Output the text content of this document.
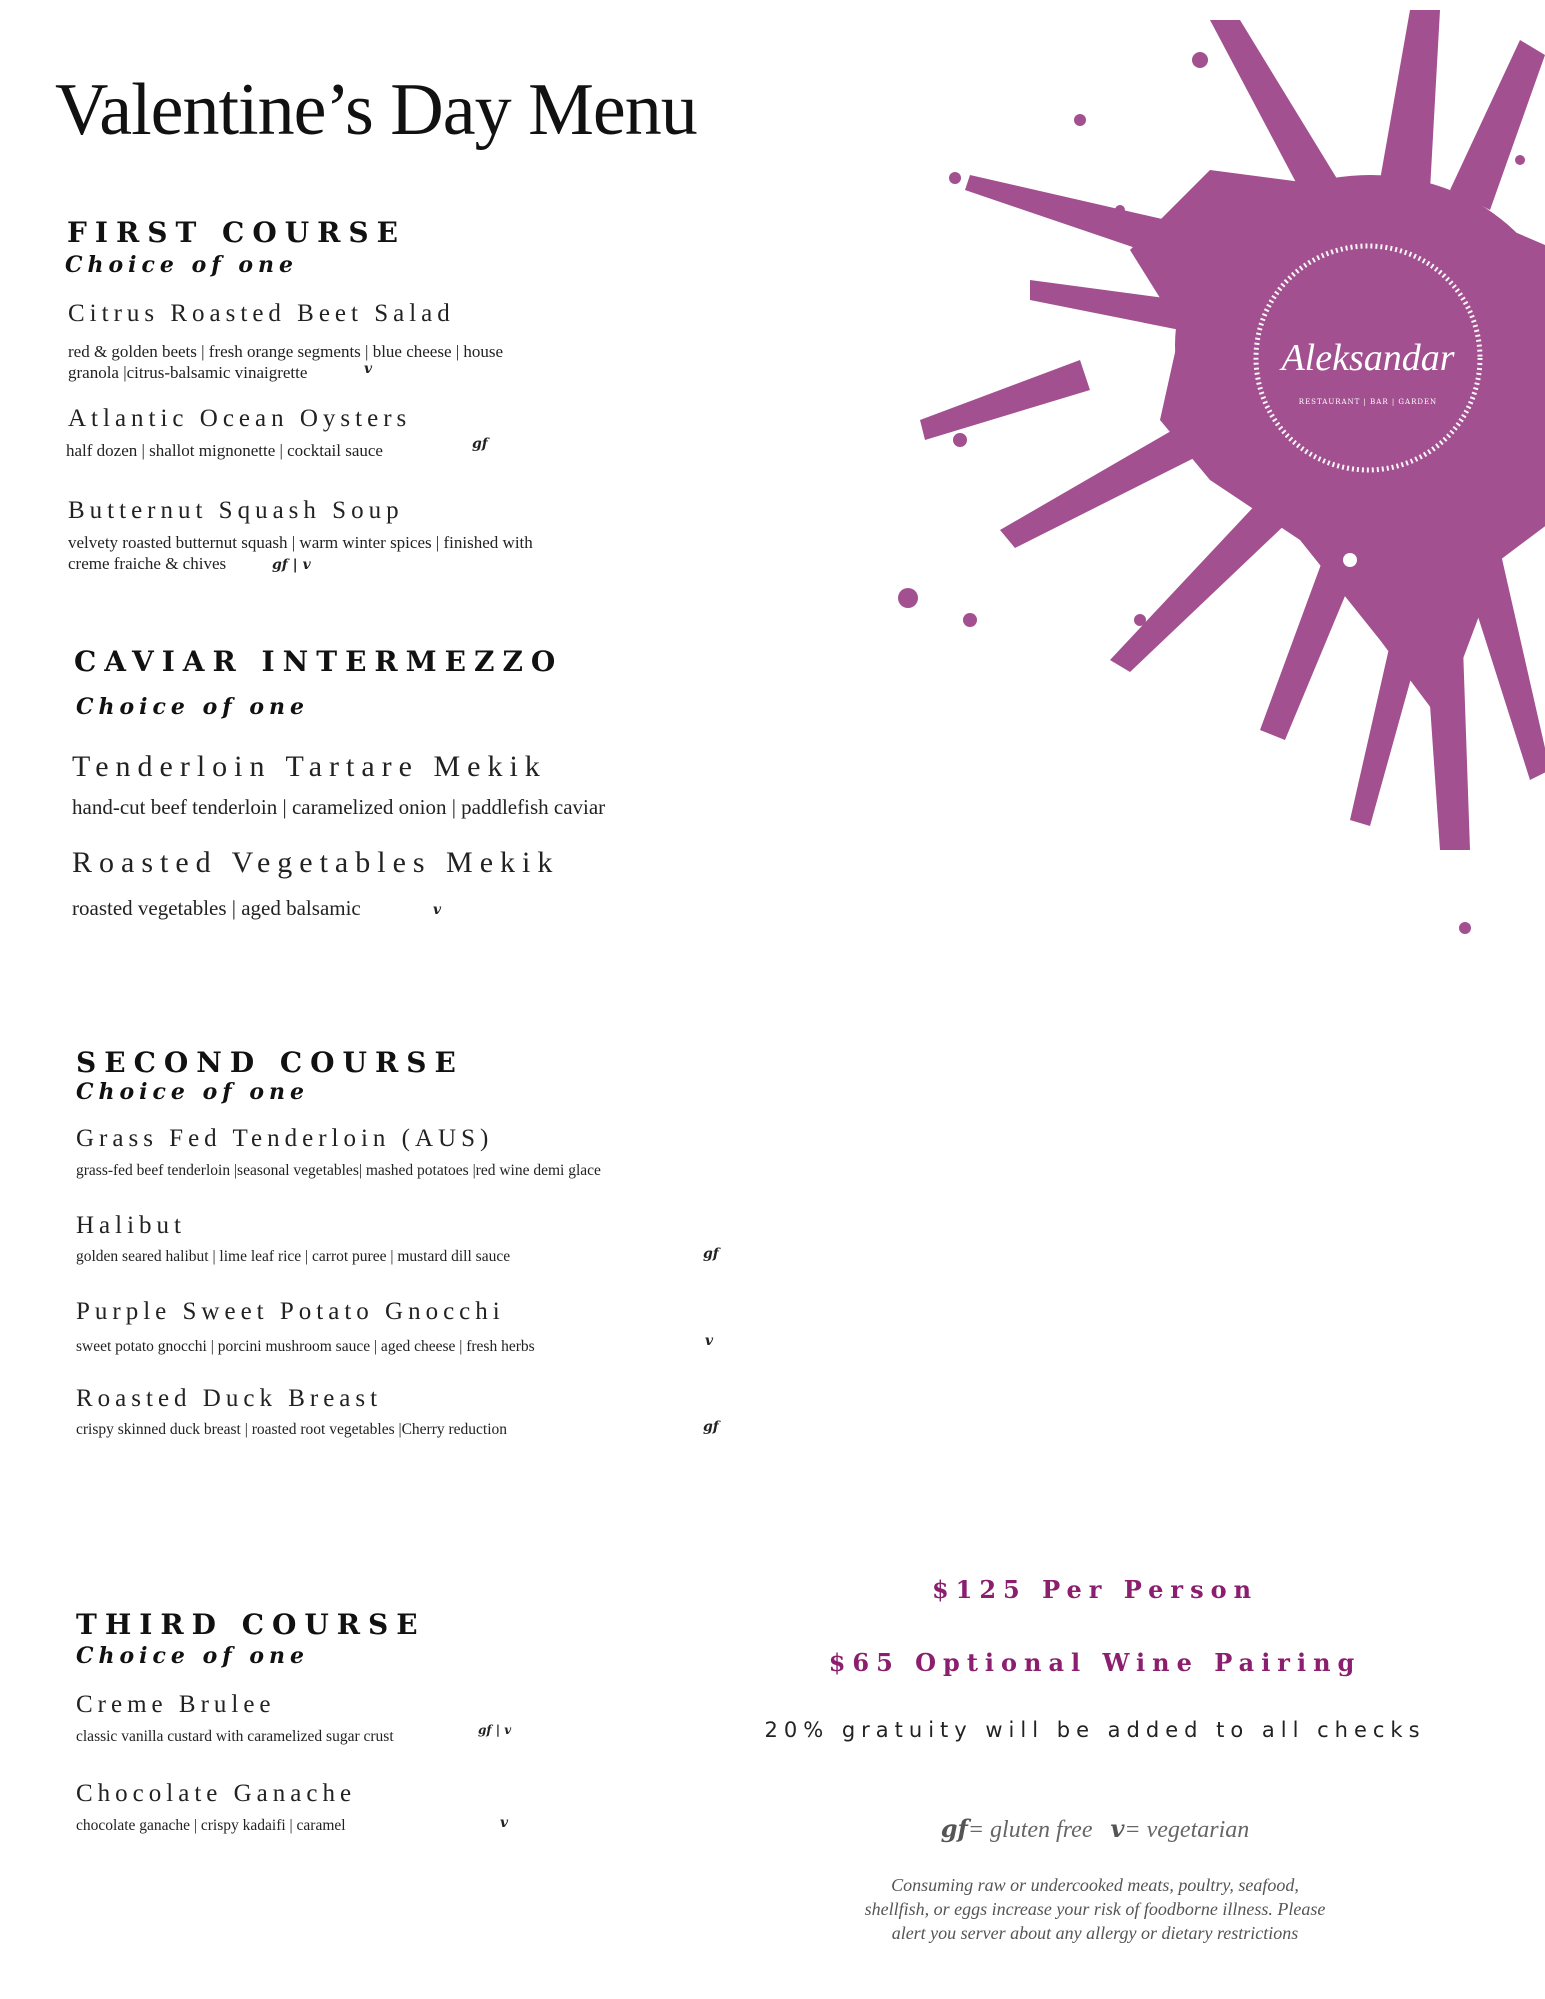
Valentine’s Day Menu
Aleksandar
RESTAURANT | BAR | GARDEN
FIRST COURSE
Choice of one
Citrus Roasted Beet Salad
red & golden beets | fresh orange segments | blue cheese | house
granola |citrus-balsamic vinaigrette	v
Atlantic Ocean Oysters
half dozen | shallot mignonette | cocktail sauce	gf
Butternut Squash Soup
velvety roasted butternut squash | warm winter spices | finished with
creme fraiche & chives	gf | v
CAVIAR INTERMEZZO
Choice of one
Tenderloin Tartare Mekik
hand-cut beef tenderloin | caramelized onion | paddlefish caviar
Roasted Vegetables Mekik
roasted vegetables | aged balsamic	v
SECOND COURSE
Choice of one
Grass Fed Tenderloin (AUS)
grass-fed beef tenderloin |seasonal vegetables| mashed potatoes |red wine demi glace
Halibut
golden seared halibut | lime leaf rice | carrot puree | mustard dill sauce	gf
Purple Sweet Potato Gnocchi
sweet potato gnocchi | porcini mushroom sauce | aged cheese | fresh herbs	v
Roasted Duck Breast
crispy skinned duck breast | roasted root vegetables |Cherry reduction	gf
THIRD COURSE
Choice of one
Creme Brulee
classic vanilla custard with caramelized sugar crust	gf | v
Chocolate Ganache
chocolate ganache | crispy kadaifi | caramel	v
$125 Per Person
$65 Optional Wine Pairing
20% gratuity will be added to all checks
gf= gluten free v= vegetarian
Consuming raw or undercooked meats, poultry, seafood,
shellfish, or eggs increase your risk of foodborne illness. Please
alert you server about any allergy or dietary restrictions
